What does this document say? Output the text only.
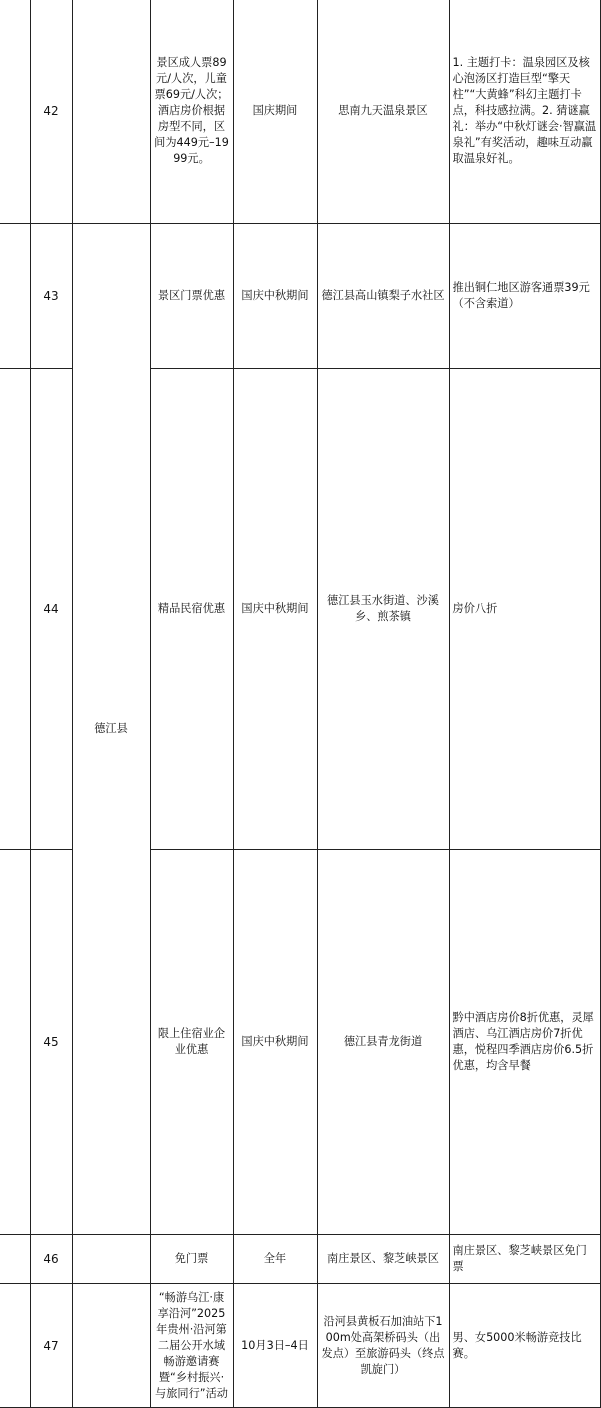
	42		景区成人票89元/人次，儿童票69元/人次；酒店房价根据房型不同，区间为449元–1999元。	国庆期间	思南九天温泉景区	1. 主题打卡：温泉园区及核心泡汤区打造巨型“擎天柱”“大黄蜂”科幻主题打卡点，科技感拉满。2. 猜谜赢礼：举办“中秋灯谜会·智赢温泉礼”有奖活动，趣味互动赢取温泉好礼。	
	43	德江县	景区门票优惠	国庆中秋期间	德江县高山镇梨子水社区	推出铜仁地区游客通票39元（不含索道）	
	44		精品民宿优惠	国庆中秋期间	德江县玉水街道、沙溪乡、煎茶镇	房价八折	
	45		限上住宿业企业优惠	国庆中秋期间	德江县青龙街道	黔中酒店房价8折优惠，灵犀酒店、乌江酒店房价7折优惠，悦程四季酒店房价6.5折优惠，均含早餐	
	46		免门票	全年	南庄景区、黎芝峡景区	南庄景区、黎芝峡景区免门票	
	47		“畅游乌江·康享沿河”2025年贵州·沿河第二届公开水域畅游邀请赛暨“乡村振兴·与旅同行”活动	10月3日–4日	沿河县黄板石加油站下100m处高架桥码头（出发点）至旅游码头（终点凯旋门）	男、女5000米畅游竞技比赛。	
